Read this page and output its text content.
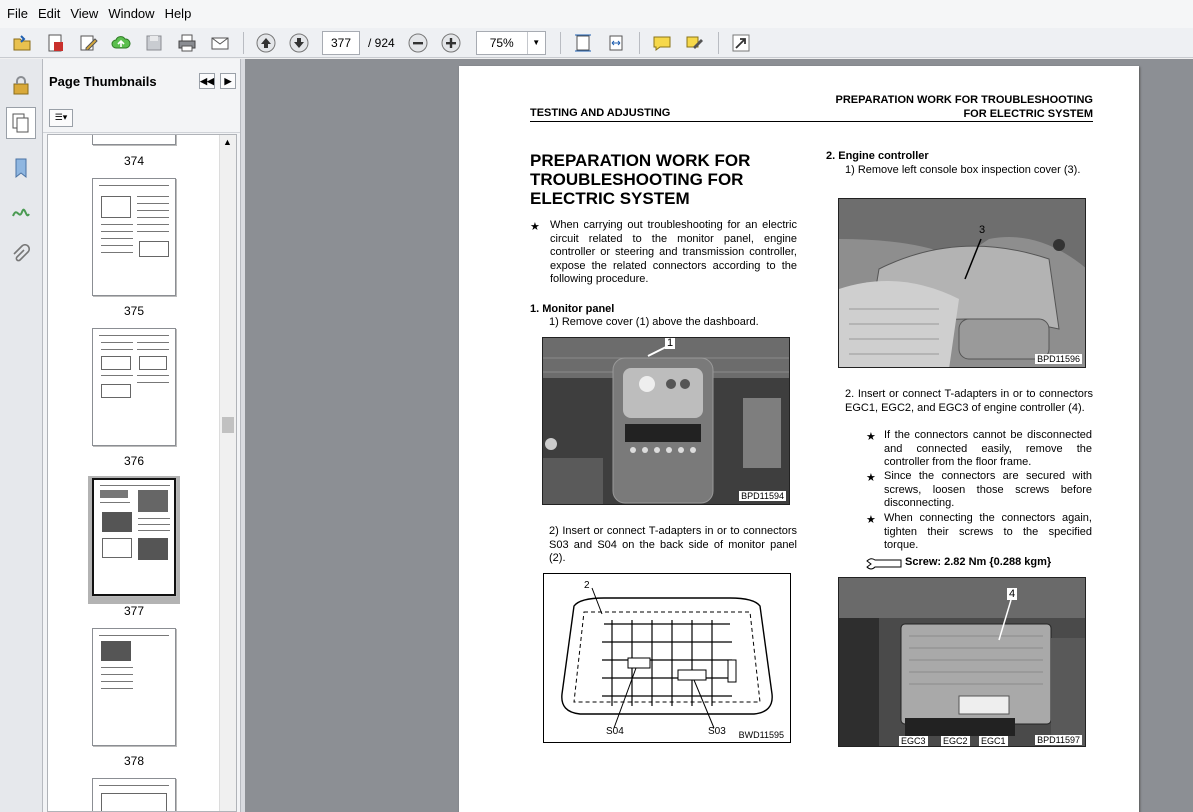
File Edit View Window Help
377	/ 924	75%	▼
Page Thumbnails	◀◀	▶
☰▾
374
375
376
377
378
▲
PREPARATION WORK FOR TROUBLESHOOTING
FOR ELECTRIC SYSTEM
TESTING AND ADJUSTING
PREPARATION WORK FOR
TROUBLESHOOTING FOR
ELECTRIC SYSTEM
★ When carrying out troubleshooting for an electric circuit related to the monitor panel, engine controller or steering and transmission controller, expose the related connectors according to the following procedure.
1. Monitor panel
1) Remove cover (1) above the dashboard.
1
BPD11594
2) Insert or connect T-adapters in or to connectors S03 and S04 on the back side of monitor panel (2).
2
S04	S03 BWD11595
2. Engine controller
1) Remove left console box inspection cover (3).
3
BPD11596
2. Insert or connect T-adapters in or to connectors EGC1, EGC2, and EGC3 of engine controller (4).
★ If the connectors cannot be disconnected and connected easily, remove the controller from the floor frame.
★ Since the connectors are secured with screws, loosen those screws before disconnecting.
★ When connecting the connectors again, tighten their screws to the specified torque.
Screw: 2.82 Nm {0.288 kgm}
4
EGC3 EGC2 EGC1	BPD11597
